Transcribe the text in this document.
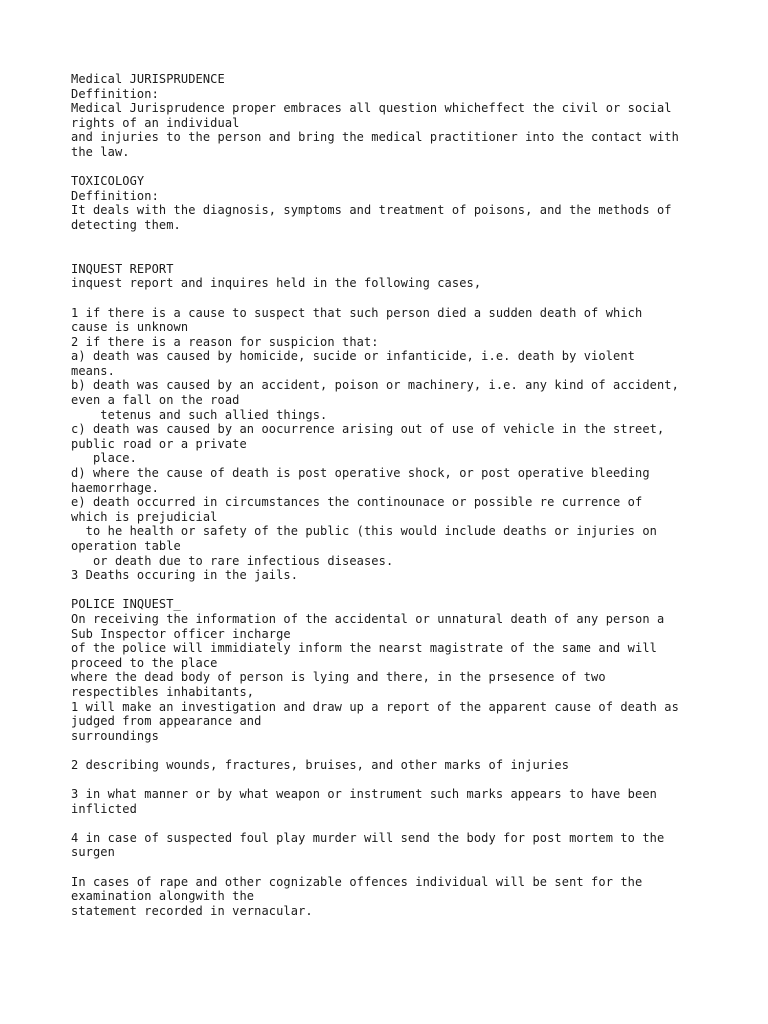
Medical JURISPRUDENCE
Deffinition:
Medical Jurisprudence proper embraces all question whicheffect the civil or social
rights of an individual
and injuries to the person and bring the medical practitioner into the contact with
the law.
TOXICOLOGY
Deffinition:
It deals with the diagnosis, symptoms and treatment of poisons, and the methods of
detecting them.
INQUEST REPORT
inquest report and inquires held in the following cases,
1 if there is a cause to suspect that such person died a sudden death of which
cause is unknown
2 if there is a reason for suspicion that:
a) death was caused by homicide, sucide or infanticide, i.e. death by violent
means.
b) death was caused by an accident, poison or machinery, i.e. any kind of accident,
even a fall on the road
tetenus and such allied things.
c) death was caused by an oocurrence arising out of use of vehicle in the street,
public road or a private
place.
d) where the cause of death is post operative shock, or post operative bleeding
haemorrhage.
e) death occurred in circumstances the continounace or possible re currence of
which is prejudicial
to he health or safety of the public (this would include deaths or injuries on
operation table
or death due to rare infectious diseases.
3 Deaths occuring in the jails.
POLICE INQUEST_
On receiving the information of the accidental or unnatural death of any person a
Sub Inspector officer incharge
of the police will immidiately inform the nearst magistrate of the same and will
proceed to the place
where the dead body of person is lying and there, in the prsesence of two
respectibles inhabitants,
1 will make an investigation and draw up a report of the apparent cause of death as
judged from appearance and
surroundings
2 describing wounds, fractures, bruises, and other marks of injuries
3 in what manner or by what weapon or instrument such marks appears to have been
inflicted
4 in case of suspected foul play murder will send the body for post mortem to the
surgen
In cases of rape and other cognizable offences individual will be sent for the
examination alongwith the
statement recorded in vernacular.
